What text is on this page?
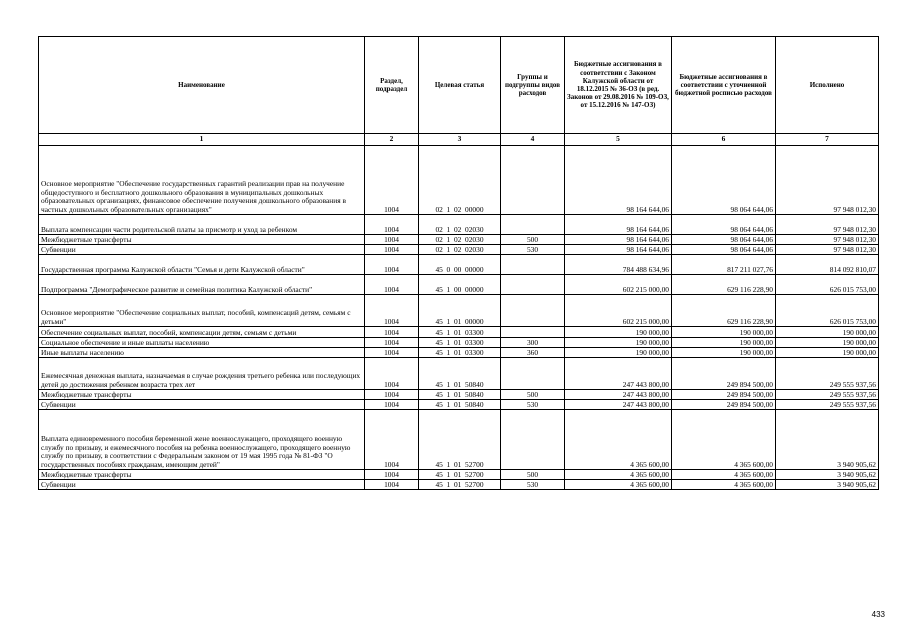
Наименование	Раздел, подраздел	Целевая статья	Группы и подгруппы видов расходов	Бюджетные ассигнования в соответствии с Законом Калужской области от 18.12.2015 № 36-ОЗ (в ред. Законов от 29.08.2016 № 109-ОЗ, от 15.12.2016 № 147-ОЗ)	Бюджетные ассигнования в соответствии с уточненной бюджетной росписью расходов	Исполнено
1	2	3	4	5	6	7
Основное мероприятие "Обеспечение государственных гарантий реализации прав на получение общедоступного и бесплатного дошкольного образования в муниципальных дошкольных образовательных организациях, финансовое обеспечение получения дошкольного образования в частных дошкольных образовательных организациях"	1004	02  1  02  00000		98 164 644,06	98 064 644,06	97 948 012,30
Выплата компенсации части родительской платы за присмотр и уход за ребенком	1004	02  1  02  02030		98 164 644,06	98 064 644,06	97 948 012,30
Межбюджетные трансферты	1004	02  1  02  02030	500	98 164 644,06	98 064 644,06	97 948 012,30
Субвенции	1004	02  1  02  02030	530	98 164 644,06	98 064 644,06	97 948 012,30
Государственная программа Калужской области "Семья и дети Калужской области"	1004	45  0  00  00000		784 488 634,96	817 211 027,76	814 092 810,07
Подпрограмма "Демографическое развитие и семейная политика Калужской области"	1004	45  1  00  00000		602 215 000,00	629 116 228,90	626 015 753,00
Основное мероприятие "Обеспечение социальных выплат, пособий, компенсаций детям, семьям с детьми"	1004	45  1  01  00000		602 215 000,00	629 116 228,90	626 015 753,00
Обеспечение социальных выплат, пособий, компенсации детям, семьям с детьми	1004	45  1  01  03300		190 000,00	190 000,00	190 000,00
Социальное обеспечение и иные выплаты населению	1004	45  1  01  03300	300	190 000,00	190 000,00	190 000,00
Иные выплаты населению	1004	45  1  01  03300	360	190 000,00	190 000,00	190 000,00
Ежемесячная денежная выплата, назначаемая в случае рождения третьего ребенка или последующих детей до достижения ребенком возраста трех лет	1004	45  1  01  50840		247 443 800,00	249 894 500,00	249 555 937,56
Межбюджетные трансферты	1004	45  1  01  50840	500	247 443 800,00	249 894 500,00	249 555 937,56
Субвенции	1004	45  1  01  50840	530	247 443 800,00	249 894 500,00	249 555 937,56
Выплата единовременного пособия беременной жене военнослужащего, проходящего военную службу по призыву, и ежемесячного пособия на ребенка военнослужащего, проходящего военную службу по призыву, в соответствии с Федеральным законом от 19 мая 1995 года № 81-ФЗ "О государственных пособиях гражданам, имеющим детей"	1004	45  1  01  52700		4 365 600,00	4 365 600,00	3 940 905,62
Межбюджетные трансферты	1004	45  1  01  52700	500	4 365 600,00	4 365 600,00	3 940 905,62
Субвенции	1004	45  1  01  52700	530	4 365 600,00	4 365 600,00	3 940 905,62
433
